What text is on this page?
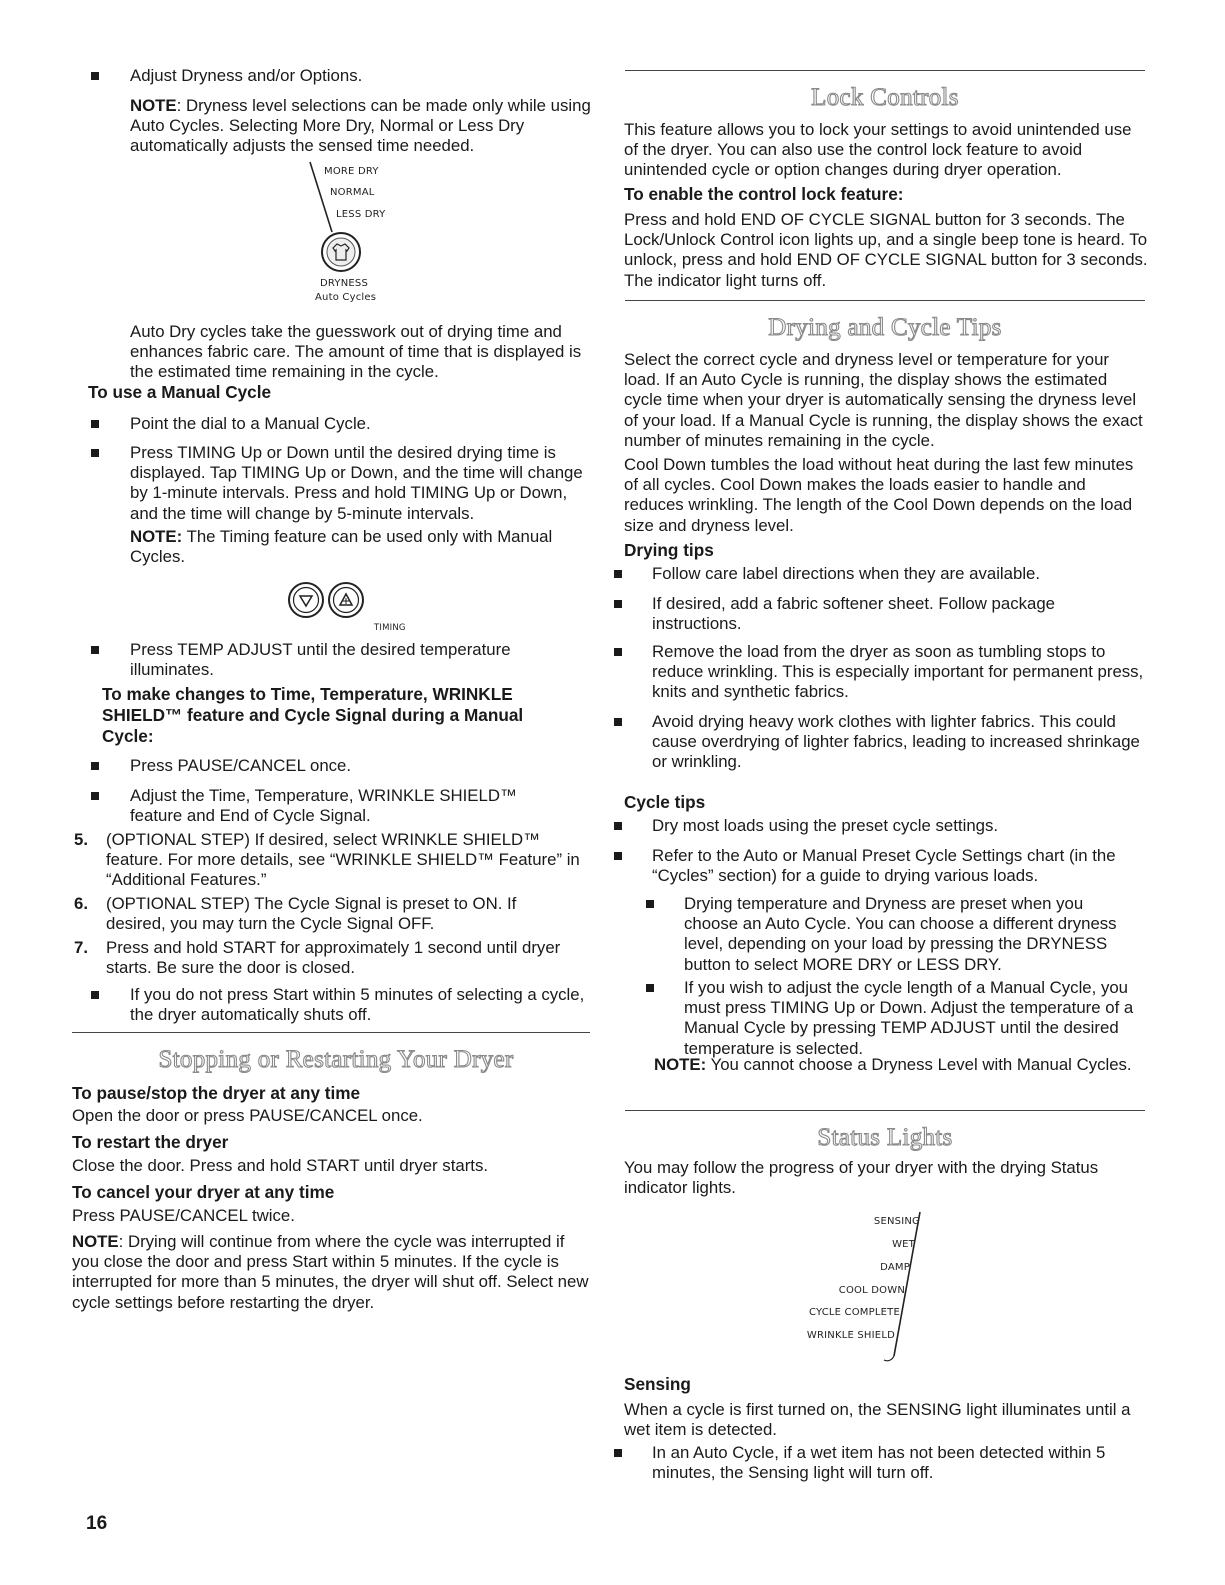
Adjust Dryness and/or Options.

NOTE: Dryness level selections can be made only while using Auto Cycles. Selecting More Dry, Normal or Less Dry automatically adjusts the sensed time needed.

MORE DRY
NORMAL
LESS DRY
DRYNESS
Auto Cycles

Auto Dry cycles take the guesswork out of drying time and enhances fabric care. The amount of time that is displayed is the estimated time remaining in the cycle.

To use a Manual Cycle

Point the dial to a Manual Cycle.
Press TIMING Up or Down until the desired drying time is displayed. Tap TIMING Up or Down, and the time will change by 1-minute intervals. Press and hold TIMING Up or Down, and the time will change by 5-minute intervals.

NOTE: The Timing feature can be used only with Manual Cycles.

TIMING
Press TEMP ADJUST until the desired temperature illuminates.

To make changes to Time, Temperature, WRINKLE SHIELD™ feature and Cycle Signal during a Manual Cycle:

Press PAUSE/CANCEL once.
Adjust the Time, Temperature, WRINKLE SHIELD™ feature and End of Cycle Signal.
5. (OPTIONAL STEP) If desired, select WRINKLE SHIELD™ feature. For more details, see “WRINKLE SHIELD™ Feature” in “Additional Features.”
6. (OPTIONAL STEP) The Cycle Signal is preset to ON. If desired, you may turn the Cycle Signal OFF.
7. Press and hold START for approximately 1 second until dryer starts. Be sure the door is closed.
If you do not press Start within 5 minutes of selecting a cycle, the dryer automatically shuts off.

Stopping or Restarting Your Dryer

To pause/stop the dryer at any time

Open the door or press PAUSE/CANCEL once.

To restart the dryer

Close the door. Press and hold START until dryer starts.

To cancel your dryer at any time

Press PAUSE/CANCEL twice.

NOTE: Drying will continue from where the cycle was interrupted if you close the door and press Start within 5 minutes. If the cycle is interrupted for more than 5 minutes, the dryer will shut off. Select new cycle settings before restarting the dryer.

Lock Controls

This feature allows you to lock your settings to avoid unintended use of the dryer. You can also use the control lock feature to avoid unintended cycle or option changes during dryer operation.

To enable the control lock feature:

Press and hold END OF CYCLE SIGNAL button for 3 seconds. The Lock/Unlock Control icon lights up, and a single beep tone is heard. To unlock, press and hold END OF CYCLE SIGNAL button for 3 seconds. The indicator light turns off.

Drying and Cycle Tips

Select the correct cycle and dryness level or temperature for your load. If an Auto Cycle is running, the display shows the estimated cycle time when your dryer is automatically sensing the dryness level of your load. If a Manual Cycle is running, the display shows the exact number of minutes remaining in the cycle.

Cool Down tumbles the load without heat during the last few minutes of all cycles. Cool Down makes the loads easier to handle and reduces wrinkling. The length of the Cool Down depends on the load size and dryness level.

Drying tips

Follow care label directions when they are available.
If desired, add a fabric softener sheet. Follow package instructions.
Remove the load from the dryer as soon as tumbling stops to reduce wrinkling. This is especially important for permanent press, knits and synthetic fabrics.
Avoid drying heavy work clothes with lighter fabrics. This could cause overdrying of lighter fabrics, leading to increased shrinkage or wrinkling.

Cycle tips

Dry most loads using the preset cycle settings.
Refer to the Auto or Manual Preset Cycle Settings chart (in the “Cycles” section) for a guide to drying various loads.
Drying temperature and Dryness are preset when you choose an Auto Cycle. You can choose a different dryness level, depending on your load by pressing the DRYNESS button to select MORE DRY or LESS DRY.
If you wish to adjust the cycle length of a Manual Cycle, you must press TIMING Up or Down. Adjust the temperature of a Manual Cycle by pressing TEMP ADJUST until the desired temperature is selected.

NOTE: You cannot choose a Dryness Level with Manual Cycles.

Status Lights

You may follow the progress of your dryer with the drying Status indicator lights.

SENSING
WET
DAMP
COOL DOWN
CYCLE COMPLETE
WRINKLE SHIELD

Sensing

When a cycle is first turned on, the SENSING light illuminates until a wet item is detected.

In an Auto Cycle, if a wet item has not been detected within 5 minutes, the Sensing light will turn off.
16
